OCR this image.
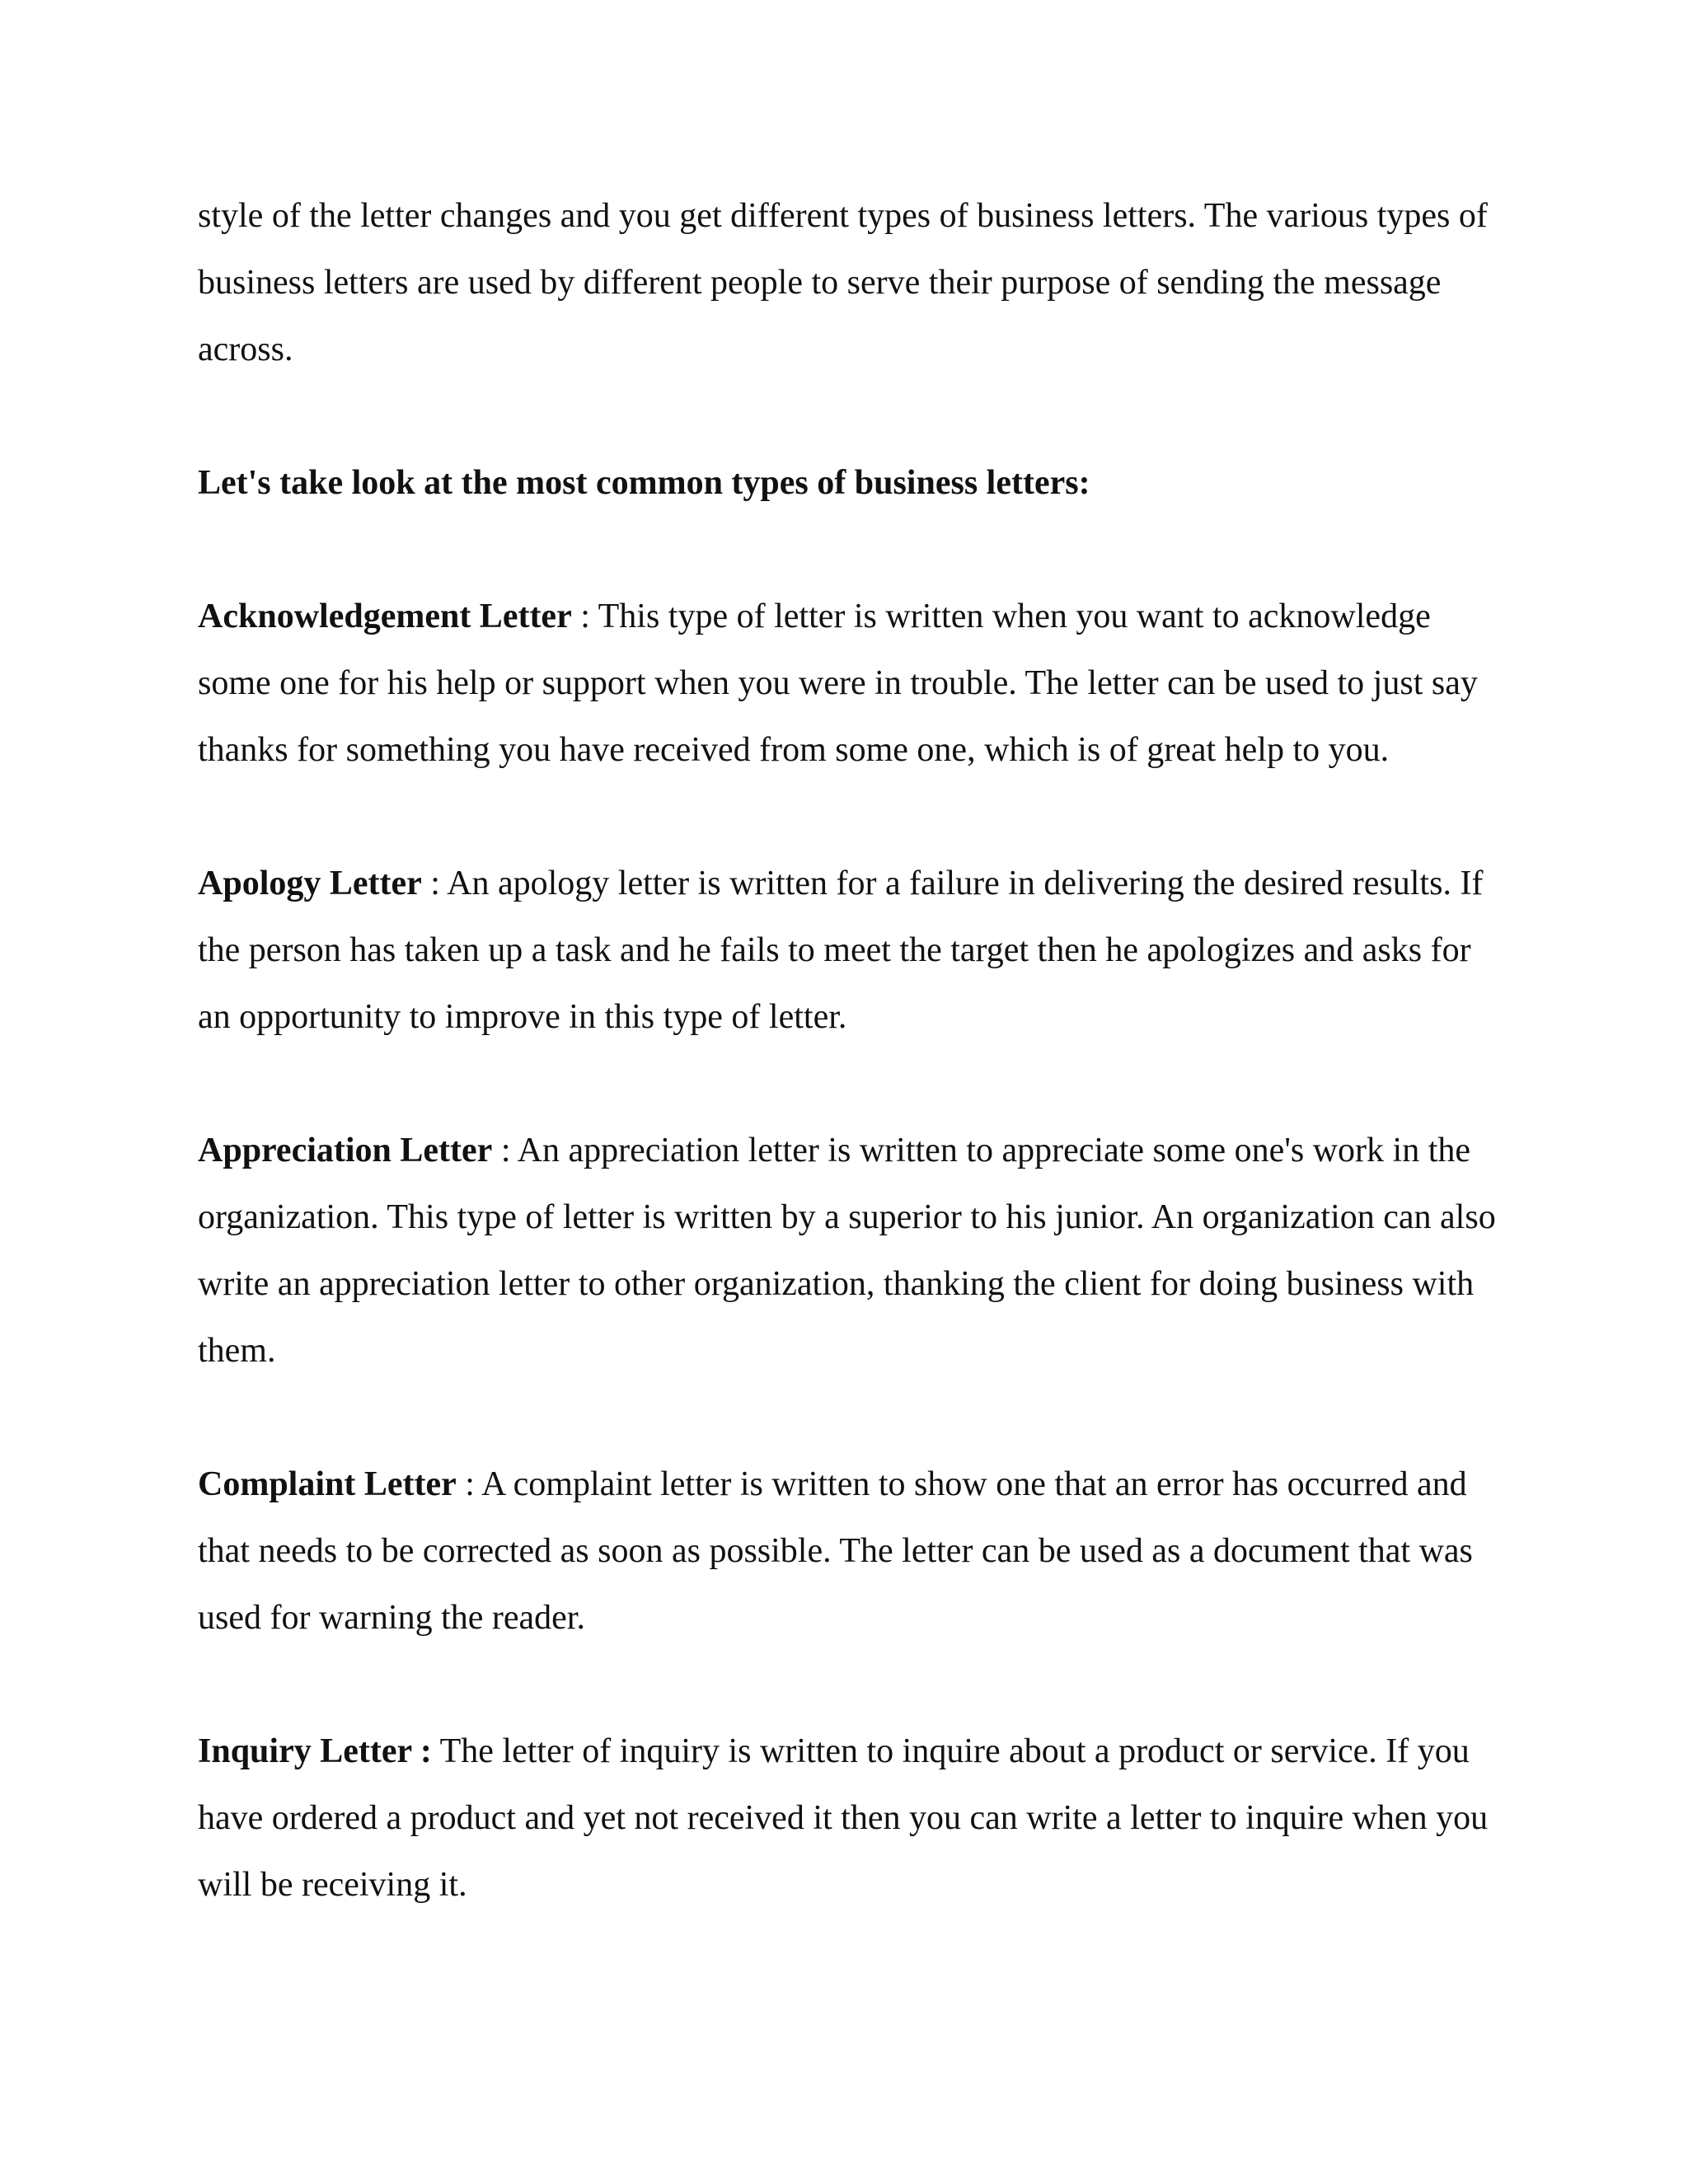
style of the letter changes and you get different types of business letters. The various types of business letters are used by different people to serve their purpose of sending the message across.

Let's take look at the most common types of business letters:

Acknowledgement Letter : This type of letter is written when you want to acknowledge some one for his help or support when you were in trouble. The letter can be used to just say thanks for something you have received from some one, which is of great help to you.

Apology Letter : An apology letter is written for a failure in delivering the desired results. If the person has taken up a task and he fails to meet the target then he apologizes and asks for an opportunity to improve in this type of letter.

Appreciation Letter : An appreciation letter is written to appreciate some one's work in the organization. This type of letter is written by a superior to his junior. An organization can also write an appreciation letter to other organization, thanking the client for doing business with them.

Complaint Letter : A complaint letter is written to show one that an error has occurred and that needs to be corrected as soon as possible. The letter can be used as a document that was used for warning the reader.

Inquiry Letter : The letter of inquiry is written to inquire about a product or service. If you have ordered a product and yet not received it then you can write a letter to inquire when you will be receiving it.
